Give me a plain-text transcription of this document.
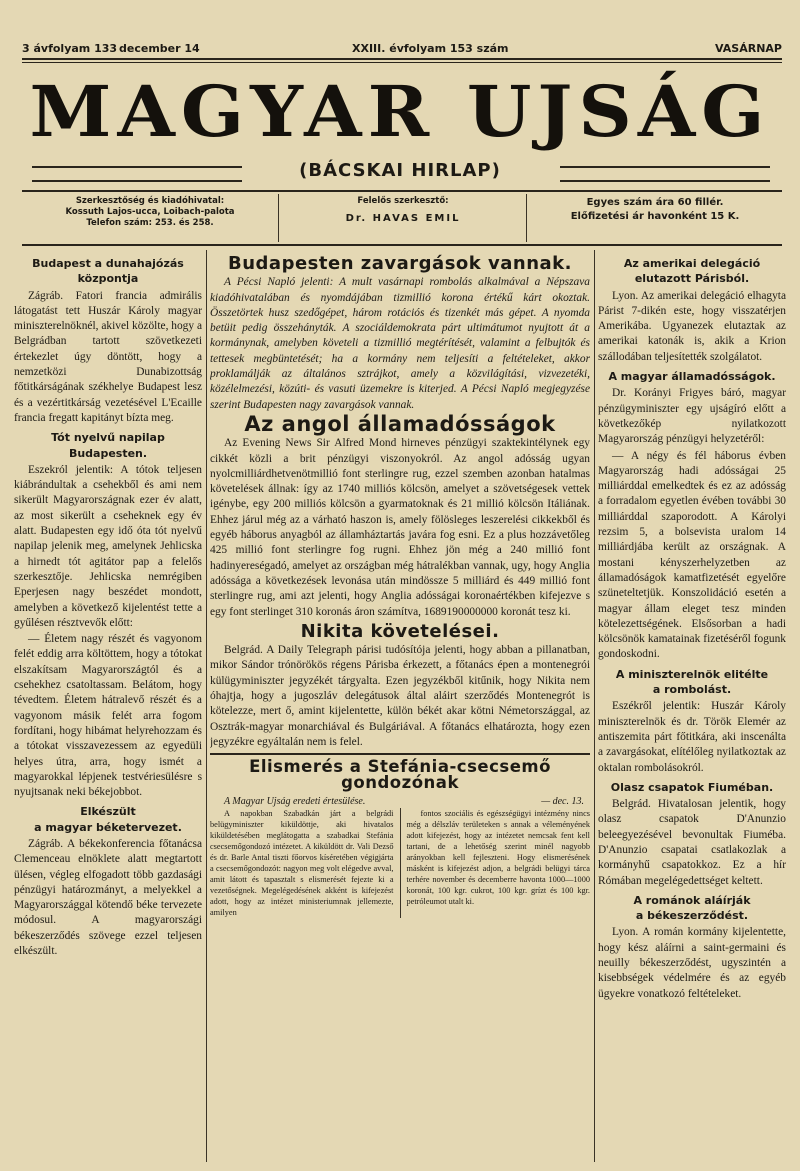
3 ávfolyam 133 december 14	XXIII. évfolyam 153 szám	VASÁRNAP
MAGYAR UJSÁG
(BÁCSKAI HIRLAP)
Szerkesztőség és kiadóhivatal:
Kossuth Lajos-ucca, Loibach-palota
Telefon szám: 253. és 258.
Felelős szerkesztő:
Dr. HAVAS EMIL
Egyes szám ára 60 fillér.
Előfizetési ár havonként 15 K.
Budapest a dunahajózás központja

Zágráb. Fatori francia admirális látogatást tett Huszár Károly magyar miniszterelnöknél, akivel közölte, hogy a Belgrádban tartott szövetkezeti értekezlet úgy döntött, hogy a nemzetközi Dunabizottság főtitkárságának székhelye Budapest lesz és a vezértitkárság vezetésével L'Ecaille francia fregatt kapitányt bízta meg.

Tót nyelvű napilap Budapesten.

Eszekról jelentik: A tótok teljesen kiábrándultak a csehekből és ami nem sikerült Magyarországnak ezer év alatt, az most sikerült a cseheknek egy év alatt. Budapesten egy idő óta tót nyelvű napilap jelenik meg, amelynek Jehlicska a hirnedt tót agitátor pap a felelős szerkesztője. Jehlicska nemrégiben Eperjesen nagy beszédet mondott, amelyben a következő kijelentést tette a gyűlésen résztvevők előtt:

— Életem nagy részét és vagyonom felét eddig arra költöttem, hogy a tótokat elszakítsam Magyarországtól és a csehekhez csatoltassam. Belátom, hogy tévedtem. Életem hátralevő részét és a vagyonom másik felét arra fogom fordítani, hogy hibámat helyrehozzam és a tótokat visszavezessem az egyedüli helyes útra, arra, hogy ismét a magyarokkal lépjenek testvériesülésre s nyujtsanak neki békejobbot.

Elkészült
a magyar béketervezet.

Zágráb. A békekonferencia főtanácsa Clemenceau elnöklete alatt megtartott ülésen, végleg elfogadott több gazdasági pénzügyi határozmányt, a melyekkel a Magyarországgal kötendő béke tervezete módosul. A magyarországi békeszerződés szövege ezzel teljesen elkészült.

Budapesten zavargások vannak.

A Pécsi Napló jelenti: A mult vasárnapi rombolás alkalmával a Népszava kiadóhivatalában és nyomdájában tizmillió korona értékű kárt okoztak. Összetörtek husz szedőgépet, három rotációs és tizenkét más gépet. A nyomda betüit pedig összehányták. A szociáldemokrata párt ultimátumot nyujtott át a kormánynak, amelyben követeli a tizmillió megtérítését, valamint a felbujtók és tettesek megbüntetését; ha a kormány nem teljesíti a feltételeket, akkor proklamálják az általános sztrájkot, amely a közvilágítási, vizvezetéki, közélelmezési, közúti- és vasuti üzemekre is kiterjed. A Pécsi Napló megjegyzése szerint Budapesten nagy zavargások vannak.

Az angol államadósságok

Az Evening News Sir Alfred Mond hirneves pénzügyi szaktekintélynek egy cikkét közli a brit pénzügyi viszonyokról. Az angol adósság ugyan nyolcmilliárdhetvenötmillió font sterlingre rug, ezzel szemben azonban hatalmas követelések állnak: így az 1740 milliós kölcsön, amelyet a szövetségesek vettek igénybe, egy 200 milliós kölcsön a gyarmatoknak és 21 millió kölcsön Itáliának. Ehhez járul még az a várható haszon is, amely fölösleges leszerelési cikkekből és egyéb háborus anyagból az államháztartás javára fog esni. Ez a plus hozzávetőleg 425 millió font sterlingre fog rugni. Ehhez jön még a 240 millió font hadinyereségadó, amelyet az országban még hátralékban vannak, ugy, hogy Anglia adóssága a következések levonása után mindössze 5 milliárd és 449 millió font sterlingre rug, ami azt jelenti, hogy Anglia adósságai koronaértékben kifejezve s egy font sterlinget 310 koronás áron számítva, 1689190000000 koronát tesz ki.

Nikita követelései.

Belgrád. A Daily Telegraph párisi tudósítója jelenti, hogy abban a pillanatban, mikor Sándor trónörökös régens Párisba érkezett, a főtanács épen a montenegrói külügyminiszter jegyzékét tárgyalta. Ezen jegyzékből kitűnik, hogy Nikita nem óhajtja, hogy a jugoszláv delegátusok által aláirt szerződés Montenegrót is kötelezze, mert ő, amint kijelentette, külön békét akar kötni Németországgal, az Osztrák-magyar monarchiával és Bulgáriával. A főtanács elhatározta, hogy ezen jegyzékre egyáltalán nem is felel.

Elismerés a Stefánia-csecsemő gondozónak
A Magyar Ujság eredeti értesülése.	— dec. 13.

A napokban Szabadkán járt a belgrádi belügyminiszter kiküldöttje, aki hivatalos kiküldetésében meglátogatta a szabadkai Stefánia csecsemőgondozó intézetet. A kiküldött dr. Vali Dezső és dr. Barle Antal tiszti főorvos kíséretében végigjárta a csecsemőgondozót: nagyon meg volt elégedve avval, amit látott és tapasztalt s elismerését fejezte ki a vezetőségnek. Megelégedésének akként is kifejezést adott, hogy az intézet ministeriumnak jellemezte, amilyen

fontos szociális és egészségügyi intézmény nincs még a délszláv területeken s annak a véleményének adott kifejezést, hogy az intézetet nemcsak fent kell tartani, de a lehetőség szerint minél nagyobb arányokban kell fejleszteni. Hogy elismerésének másként is kifejezést adjon, a belgrádi belügyi tárca terhére november és decemberre havonta 1000—1000 koronát, 100 kgr. cukrot, 100 kgr. grízt és 100 kgr. petróleumot utalt ki.

Az amerikai delegáció elutazott Párisból.

Lyon. Az amerikai delegáció elhagyta Párist 7-dikén este, hogy visszatérjen Amerikába. Ugyanezek elutaztak az amerikai katonák is, akik a Krion szállodában teljesítették szolgálatot.

A magyar államadósságok.

Dr. Korányi Frigyes báró, magyar pénzügyminiszter egy ujságíró előtt a következőkép nyilatkozott Magyarország pénzügyi helyzetéről:

— A négy és fél háborus évben Magyarország hadi adósságai 25 milliárddal emelkedtek és ez az adósság a forradalom egyetlen évében további 30 milliárddal szaporodott. A Károlyi rezsim 5, a bolsevista uralom 14 milliárdjába került az országnak. A mostani kényszerhelyzetben az államadóságok kamatfizetését egyelőre szüneteltetjük. Konszolidáció esetén a magyar állam eleget tesz minden kötelezettségének. Elsősorban a hadi kölcsönök kamatainak fizetéséről fogunk gondoskodni.

A miniszterelnök elitélte
a rombolást.

Eszékről jelentik: Huszár Károly miniszterelnök és dr. Török Elemér az antiszemita párt főtitkára, aki inscenálta a zavargásokat, elítélőleg nyilatkoztak az oktalan rombolásokról.

Olasz csapatok Fiuméban.

Belgrád. Hivatalosan jelentik, hogy olasz csapatok D'Anunzio beleegyezésével bevonultak Fiuméba. D'Anunzio csapatai csatlakozlak a kormányhű csapatokkoz. Ez a hír Rómában megelégedettséget keltett.

A románok aláírják
a békeszerződést.

Lyon. A román kormány kijelentette, hogy kész aláírni a saint-germaini és neuilly békeszerződést, ugyszintén a kisebbségek védelmére és az egyéb ügyekre vonatkozó feltételeket.
